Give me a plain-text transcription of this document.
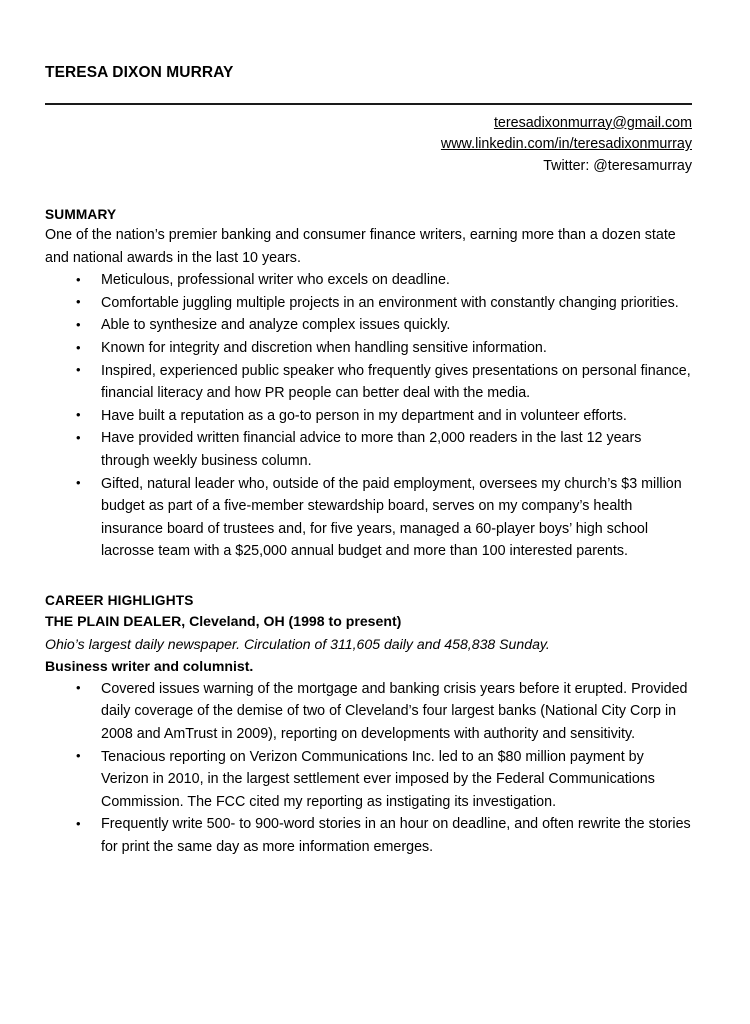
TERESA DIXON MURRAY
teresadixonmurray@gmail.com
www.linkedin.com/in/teresadixonmurray
Twitter: @teresamurray
SUMMARY
One of the nation’s premier banking and consumer finance writers, earning more than a dozen state and national awards in the last 10 years.
• Meticulous, professional writer who excels on deadline.
• Comfortable juggling multiple projects in an environment with constantly changing priorities.
• Able to synthesize and analyze complex issues quickly.
• Known for integrity and discretion when handling sensitive information.
• Inspired, experienced public speaker who frequently gives presentations on personal finance, financial literacy and how PR people can better deal with the media.
• Have built a reputation as a go-to person in my department and in volunteer efforts.
• Have provided written financial advice to more than 2,000 readers in the last 12 years through weekly business column.
• Gifted, natural leader who, outside of the paid employment, oversees my church’s $3 million budget as part of a five-member stewardship board, serves on my company’s health insurance board of trustees and, for five years, managed a 60-player boys’ high school lacrosse team with a $25,000 annual budget and more than 100 interested parents.
CAREER HIGHLIGHTS
THE PLAIN DEALER, Cleveland, OH (1998 to present)
Ohio’s largest daily newspaper. Circulation of 311,605 daily and 458,838 Sunday.
Business writer and columnist.
• Covered issues warning of the mortgage and banking crisis years before it erupted. Provided daily coverage of the demise of two of Cleveland’s four largest banks (National City Corp in 2008 and AmTrust in 2009), reporting on developments with authority and sensitivity.
• Tenacious reporting on Verizon Communications Inc. led to an $80 million payment by Verizon in 2010, in the largest settlement ever imposed by the Federal Communications Commission. The FCC cited my reporting as instigating its investigation.
• Frequently write 500- to 900-word stories in an hour on deadline, and often rewrite the stories for print the same day as more information emerges.
